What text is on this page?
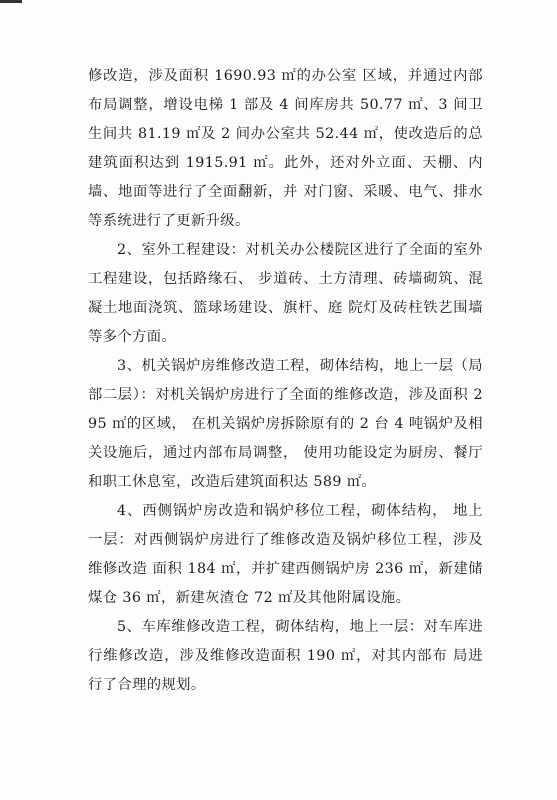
修改造，涉及面积 1690.93 ㎡的办公室 区域，并通过内部布局调整，增设电梯 1 部及 4 间库房共 50.77 ㎡、3 间卫 生间共 81.19 ㎡及 2 间办公室共 52.44 ㎡，使改造后的总建筑面积达到 1915.91 ㎡。此外，还对外立面、天棚、内墙、地面等进行了全面翻新，并 对门窗、采暖、电气、排水等系统进行了更新升级。

2、室外工程建设：对机关办公楼院区进行了全面的室外工程建设，包括路缘石、 步道砖、土方清理、砖墙砌筑、混凝土地面浇筑、篮球场建设、旗杆、庭 院灯及砖柱铁艺围墙等多个方面。

3、机关锅炉房维修改造工程，砌体结构，地上一层（局部二层）：对机关锅炉房进行了全面的维修改造，涉及面积 295 ㎡的区域， 在机关锅炉房拆除原有的 2 台 4 吨锅炉及相关设施后，通过内部布局调整， 使用功能设定为厨房、餐厅和职工休息室，改造后建筑面积达 589 ㎡。

4、西侧锅炉房改造和锅炉移位工程，砌体结构， 地上一层：对西侧锅炉房进行了维修改造及锅炉移位工程，涉及维修改造 面积 184 ㎡，并扩建西侧锅炉房 236 ㎡，新建储煤仓 36 ㎡，新建灰渣仓 72 ㎡及其他附属设施。

5、车库维修改造工程，砌体结构，地上一层：对车库进行维修改造，涉及维修改造面积 190 ㎡，对其内部布 局进行了合理的规划。
